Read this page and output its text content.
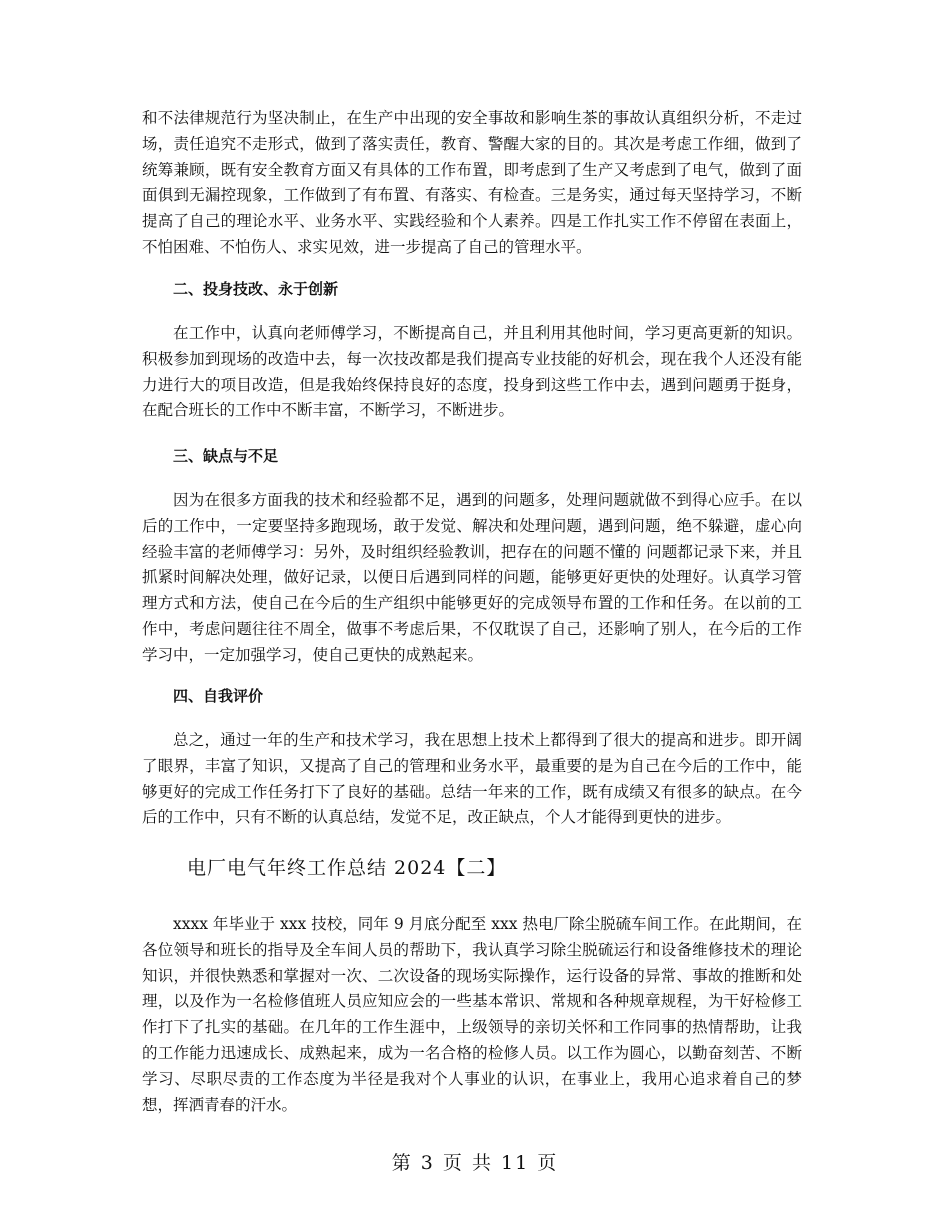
和不法律规范行为坚决制止，在生产中出现的安全事故和影响生茶的事故认真组织分析，不走过场，责任追究不走形式，做到了落实责任，教育、警醒大家的目的。其次是考虑工作细，做到了统筹兼顾，既有安全教育方面又有具体的工作布置，即考虑到了生产又考虑到了电气，做到了面面俱到无漏控现象，工作做到了有布置、有落实、有检查。三是务实，通过每天坚持学习，不断提高了自己的理论水平、业务水平、实践经验和个人素养。四是工作扎实工作不停留在表面上，不怕困难、不怕伤人、求实见效，进一步提高了自己的管理水平。

二、投身技改、永于创新

在工作中，认真向老师傅学习，不断提高自己，并且利用其他时间，学习更高更新的知识。积极参加到现场的改造中去，每一次技改都是我们提高专业技能的好机会，现在我个人还没有能力进行大的项目改造，但是我始终保持良好的态度，投身到这些工作中去，遇到问题勇于挺身，在配合班长的工作中不断丰富，不断学习，不断进步。

三、缺点与不足

因为在很多方面我的技术和经验都不足，遇到的问题多，处理问题就做不到得心应手。在以后的工作中，一定要坚持多跑现场，敢于发觉、解决和处理问题，遇到问题，绝不躲避，虚心向经验丰富的老师傅学习：另外，及时组织经验教训，把存在的问题不懂的 问题都记录下来，并且抓紧时间解决处理，做好记录，以便日后遇到同样的问题，能够更好更快的处理好。认真学习管理方式和方法，使自己在今后的生产组织中能够更好的完成领导布置的工作和任务。在以前的工作中，考虑问题往往不周全，做事不考虑后果，不仅耽误了自己，还影响了别人，在今后的工作学习中，一定加强学习，使自己更快的成熟起来。

四、自我评价

总之，通过一年的生产和技术学习，我在思想上技术上都得到了很大的提高和进步。即开阔了眼界，丰富了知识，又提高了自己的管理和业务水平，最重要的是为自己在今后的工作中，能够更好的完成工作任务打下了良好的基础。总结一年来的工作，既有成绩又有很多的缺点。在今后的工作中，只有不断的认真总结，发觉不足，改正缺点，个人才能得到更快的进步。

电厂电气年终工作总结 2024【二】

xxxx 年毕业于 xxx 技校，同年 9 月底分配至 xxx 热电厂除尘脱硫车间工作。在此期间，在各位领导和班长的指导及全车间人员的帮助下，我认真学习除尘脱硫运行和设备维修技术的理论知识，并很快熟悉和掌握对一次、二次设备的现场实际操作，运行设备的异常、事故的推断和处理，以及作为一名检修值班人员应知应会的一些基本常识、常规和各种规章规程，为干好检修工作打下了扎实的基础。在几年的工作生涯中，上级领导的亲切关怀和工作同事的热情帮助，让我的工作能力迅速成长、成熟起来，成为一名合格的检修人员。以工作为圆心，以勤奋刻苦、不断学习、尽职尽责的工作态度为半径是我对个人事业的认识，在事业上，我用心追求着自己的梦想，挥洒青春的汗水。

第 3 页 共 11 页
